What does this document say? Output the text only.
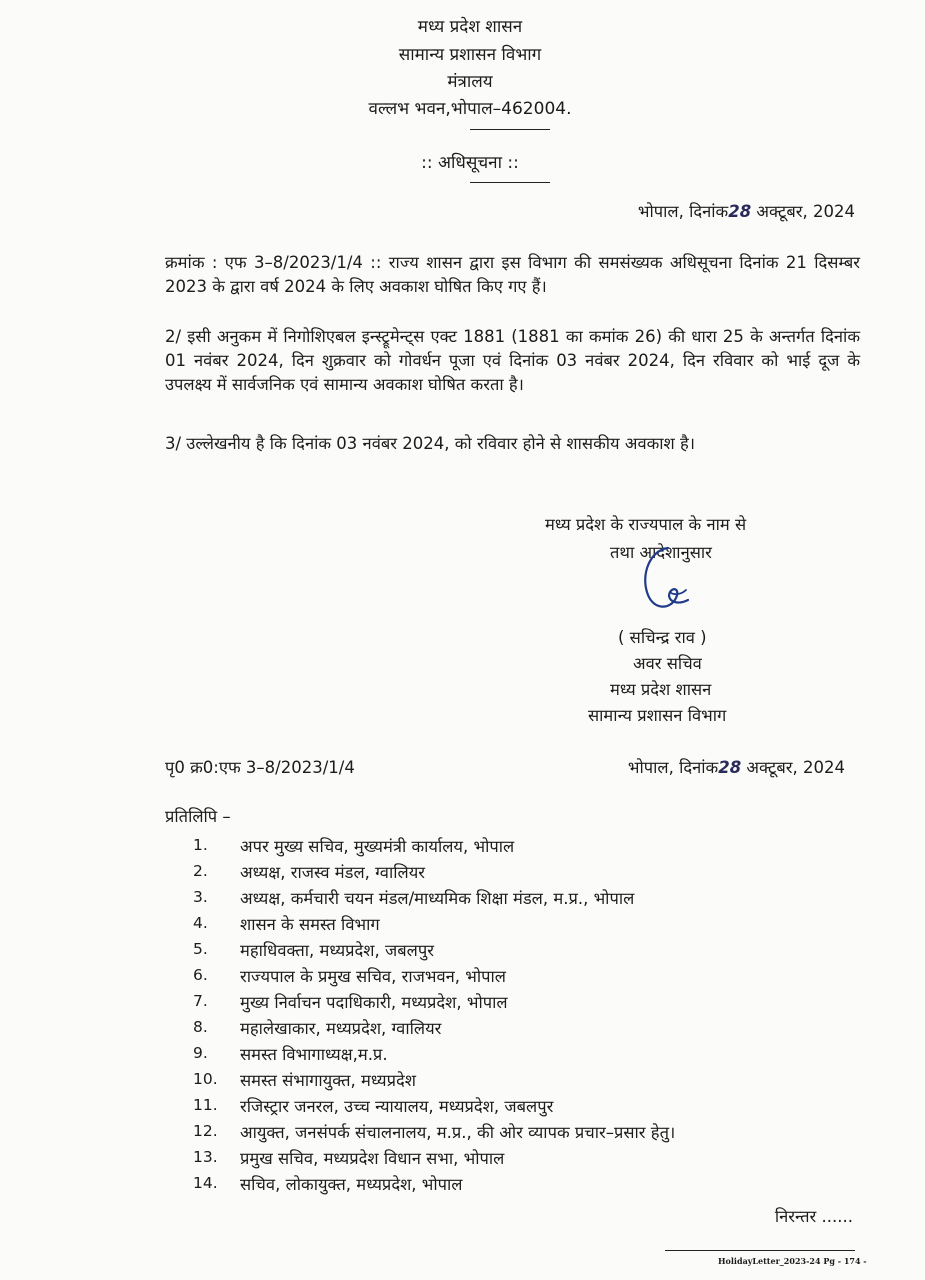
मध्य प्रदेश शासन
सामान्य प्रशासन विभाग
मंत्रालय
वल्लभ भवन,भोपाल–462004.
:: अधिसूचना ::
भोपाल, दिनांक28 अक्टूबर, 2024
क्रमांक : एफ 3–8/2023/1/4 :: राज्य शासन द्वारा इस विभाग की समसंख्यक अधिसूचना दिनांक 21 दिसम्बर 2023 के द्वारा वर्ष 2024 के लिए अवकाश घोषित किए गए हैं।
2/ इसी अनुकम में निगोशिएबल इन्स्ट्रूमेन्ट्स एक्ट 1881 (1881 का कमांक 26) की धारा 25 के अन्तर्गत दिनांक 01 नवंबर 2024, दिन शुक्रवार को गोवर्धन पूजा एवं दिनांक 03 नवंबर 2024, दिन रविवार को भाई दूज के उपलक्ष्य में सार्वजनिक एवं सामान्य अवकाश घोषित करता है।
3/ उल्लेखनीय है कि दिनांक 03 नवंबर 2024, को रविवार होने से शासकीय अवकाश है।
मध्य प्रदेश के राज्यपाल के नाम से
तथा आदेशानुसार
( सचिन्द्र राव )
अवर सचिव
मध्य प्रदेश शासन
सामान्य प्रशासन विभाग
पृ0 क्र0:एफ 3–8/2023/1/4	भोपाल, दिनांक28 अक्टूबर, 2024
प्रतिलिपि –
1. अपर मुख्य सचिव, मुख्यमंत्री कार्यालय, भोपाल
2. अध्यक्ष, राजस्व मंडल, ग्वालियर
3. अध्यक्ष, कर्मचारी चयन मंडल/माध्यमिक शिक्षा मंडल, म.प्र., भोपाल
4. शासन के समस्त विभाग
5. महाधिवक्ता, मध्यप्रदेश, जबलपुर
6. राज्यपाल के प्रमुख सचिव, राजभवन, भोपाल
7. मुख्य निर्वाचन पदाधिकारी, मध्यप्रदेश, भोपाल
8. महालेखाकार, मध्यप्रदेश, ग्वालियर
9. समस्त विभागाध्यक्ष,म.प्र.
10. समस्त संभागायुक्त, मध्यप्रदेश
11. रजिस्ट्रार जनरल, उच्च न्यायालय, मध्यप्रदेश, जबलपुर
12. आयुक्त, जनसंपर्क संचालनालय, म.प्र., की ओर व्यापक प्रचार–प्रसार हेतु।
13. प्रमुख सचिव, मध्यप्रदेश विधान सभा, भोपाल
14. सचिव, लोकायुक्त, मध्यप्रदेश, भोपाल
निरन्तर ......
HolidayLetter_2023-24 Pg - 174 -
